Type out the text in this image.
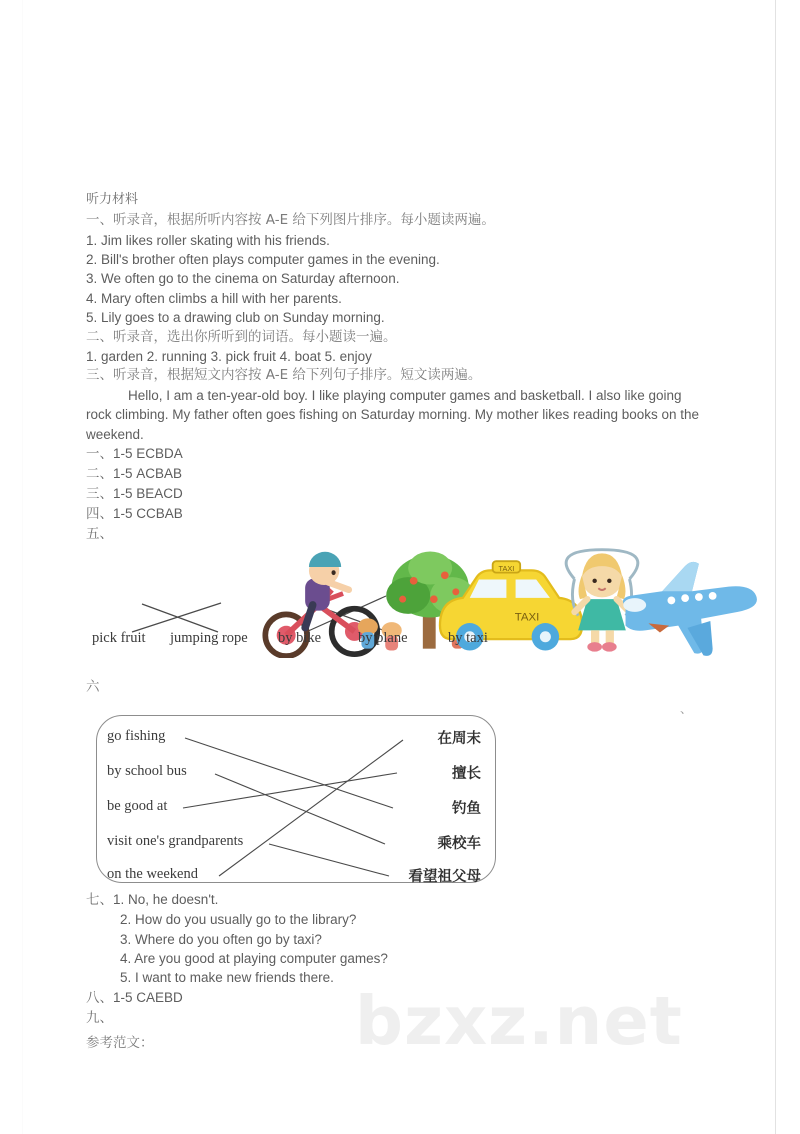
bzxz.net
听力材料
一、听录音，根据所听内容按 A-E 给下列图片排序。每小题读两遍。
1. Jim likes roller skating with his friends.
2. Bill's brother often plays computer games in the evening.
3. We often go to the cinema on Saturday afternoon.
4. Mary often climbs a hill with her parents.
5. Lily goes to a drawing club on Sunday morning.
二、听录音，选出你所听到的词语。每小题读一遍。
1. garden 2. running 3. pick fruit 4. boat 5. enjoy
三、听录音，根据短文内容按 A-E 给下列句子排序。短文读两遍。
Hello, I am a ten-year-old boy. I like playing computer games and basketball. I also like going rock climbing. My father often goes fishing on Saturday morning. My mother likes reading books on the weekend.
一、1-5 ECBDA
二、1-5 ACBAB
三、1-5 BEACD
四、1-5 CCBAB
五、
TAXI
TAXI
pick fruit jumping rope by bike	by plane	by taxi
六
、
go fishing
by school bus
be good at
visit one's grandparents
on the weekend
在周末
擅长
钓鱼
乘校车
看望祖父母
七、1. No, he doesn't.
2. How do you usually go to the library?
3. Where do you often go by taxi?
4. Are you good at playing computer games?
5. I want to make new friends there.
八、1-5 CAEBD
九、
参考范文：
